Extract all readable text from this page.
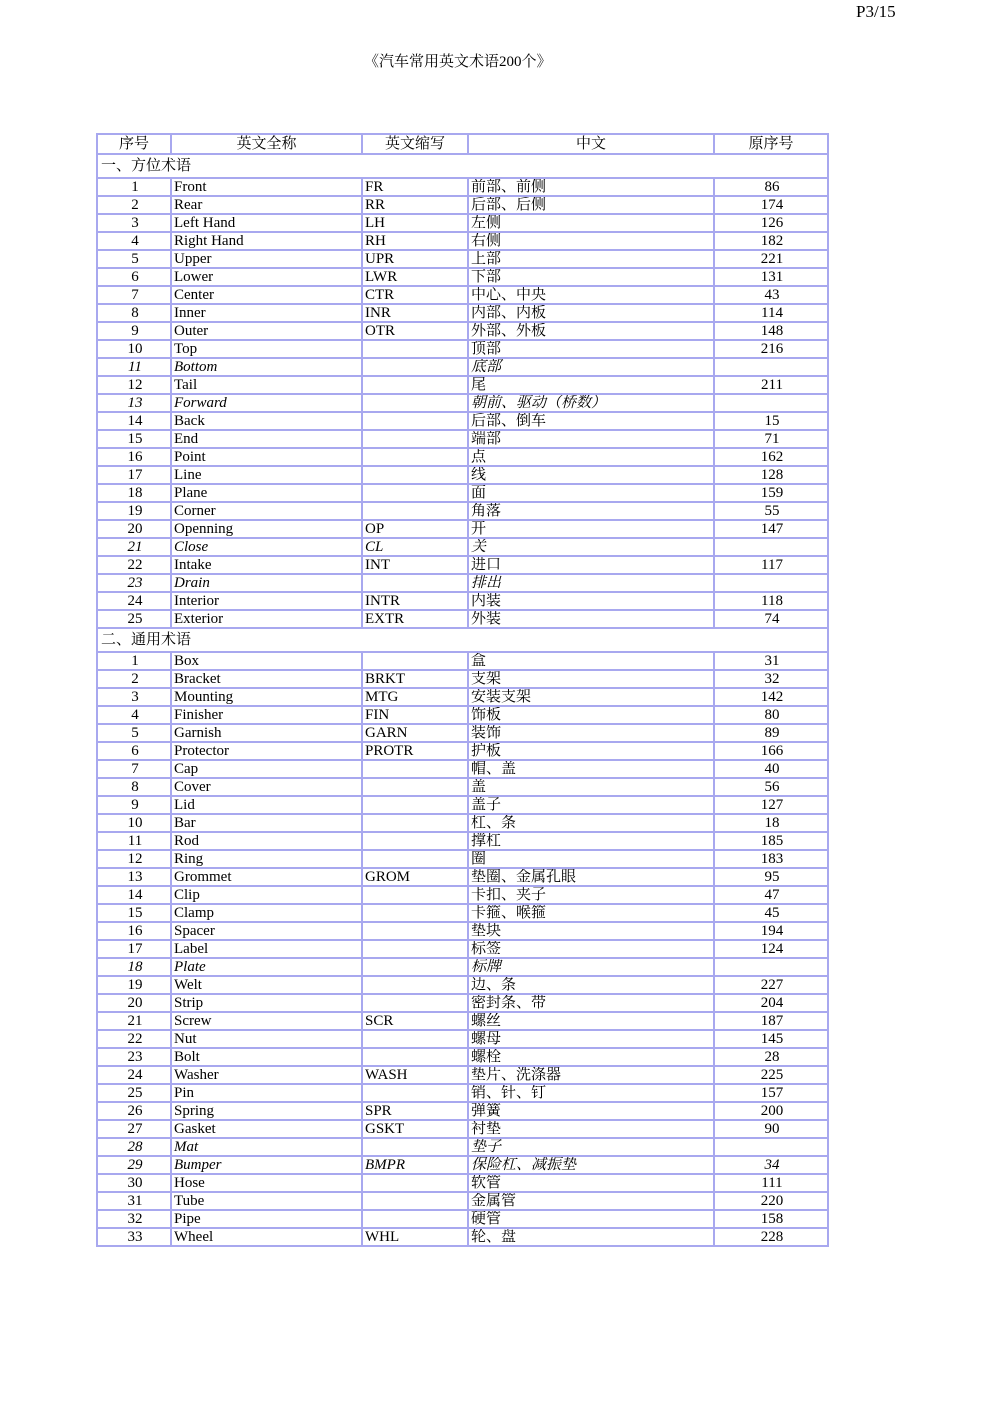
P3/15
《汽车常用英文术语200个》
序号	英文全称	英文缩写	中文	原序号
一、方位术语				
1	Front	FR	前部、前侧	86
2	Rear	RR	后部、后侧	174
3	Left Hand	LH	左侧	126
4	Right Hand	RH	右侧	182
5	Upper	UPR	上部	221
6	Lower	LWR	下部	131
7	Center	CTR	中心、中央	43
8	Inner	INR	内部、内板	114
9	Outer	OTR	外部、外板	148
10	Top		顶部	216
11	Bottom		底部	
12	Tail		尾	211
13	Forward		朝前、驱动（桥数）	
14	Back		后部、倒车	15
15	End		端部	71
16	Point		点	162
17	Line		线	128
18	Plane		面	159
19	Corner		角落	55
20	Openning	OP	开	147
21	Close	CL	关	
22	Intake	INT	进口	117
23	Drain		排出	
24	Interior	INTR	内装	118
25	Exterior	EXTR	外装	74
二、通用术语				
1	Box		盒	31
2	Bracket	BRKT	支架	32
3	Mounting	MTG	安装支架	142
4	Finisher	FIN	饰板	80
5	Garnish	GARN	装饰	89
6	Protector	PROTR	护板	166
7	Cap		帽、盖	40
8	Cover		盖	56
9	Lid		盖子	127
10	Bar		杠、条	18
11	Rod		撑杠	185
12	Ring		圈	183
13	Grommet	GROM	垫圈、金属孔眼	95
14	Clip		卡扣、夹子	47
15	Clamp		卡箍、喉箍	45
16	Spacer		垫块	194
17	Label		标签	124
18	Plate		标牌	
19	Welt		边、条	227
20	Strip		密封条、带	204
21	Screw	SCR	螺丝	187
22	Nut		螺母	145
23	Bolt		螺栓	28
24	Washer	WASH	垫片、洗涤器	225
25	Pin		销、针、钉	157
26	Spring	SPR	弹簧	200
27	Gasket	GSKT	衬垫	90
28	Mat		垫子	
29	Bumper	BMPR	保险杠、减振垫	34
30	Hose		软管	111
31	Tube		金属管	220
32	Pipe		硬管	158
33	Wheel	WHL	轮、盘	228
